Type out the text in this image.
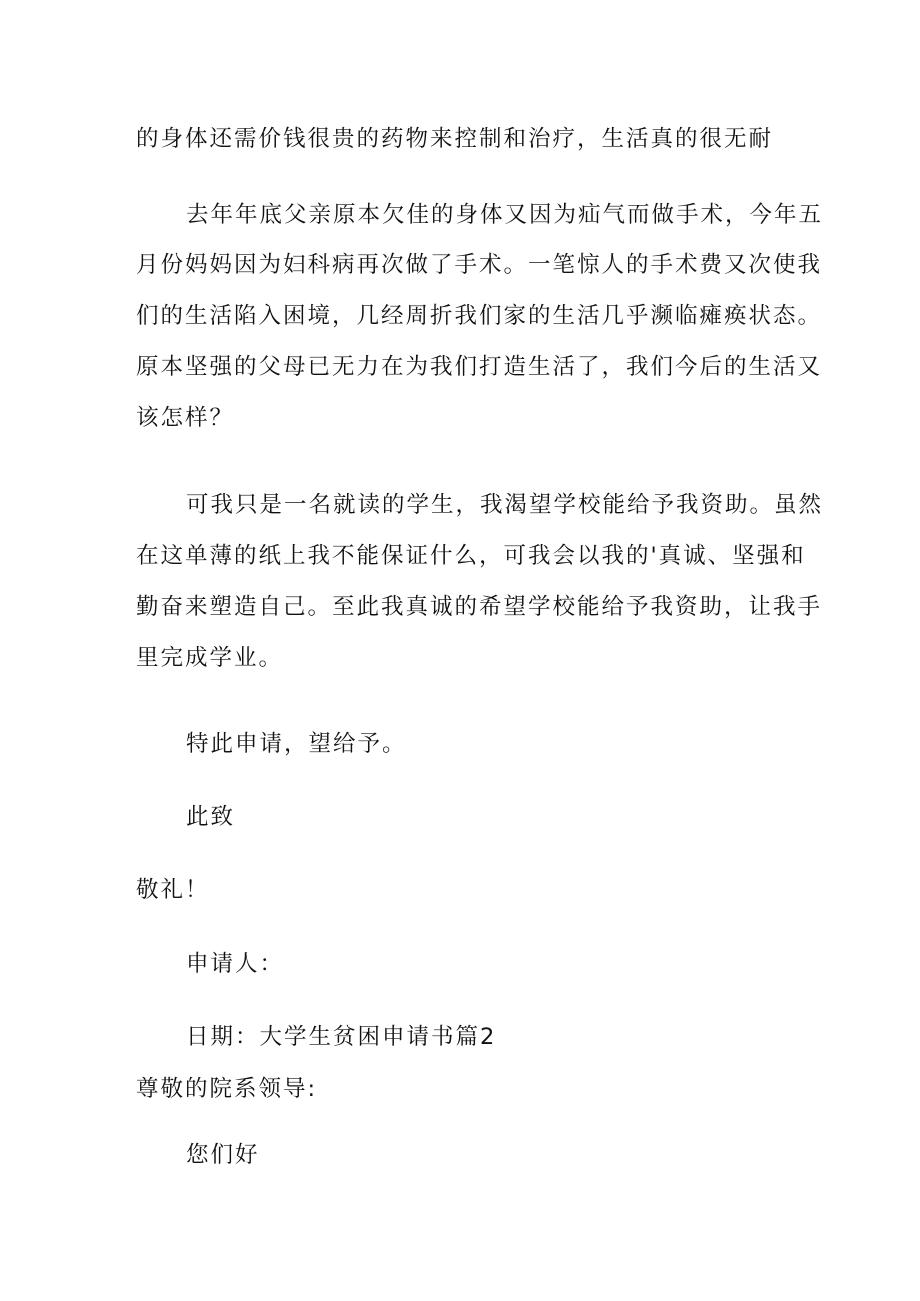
的身体还需价钱很贵的药物来控制和治疗，生活真的很无耐

去年年底父亲原本欠佳的身体又因为疝气而做手术，今年五

月份妈妈因为妇科病再次做了手术。一笔惊人的手术费又次使我

们的生活陷入困境，几经周折我们家的生活几乎濒临瘫痪状态。

原本坚强的父母已无力在为我们打造生活了，我们今后的生活又

该怎样？

可我只是一名就读的学生，我渴望学校能给予我资助。虽然

在这单薄的纸上我不能保证什么，可我会以我的'真诚、坚强和

勤奋来塑造自己。至此我真诚的希望学校能给予我资助，让我手

里完成学业。

特此申请，望给予。

此致

敬礼！

申请人：

日期：大学生贫困申请书篇2

尊敬的院系领导:

您们好
